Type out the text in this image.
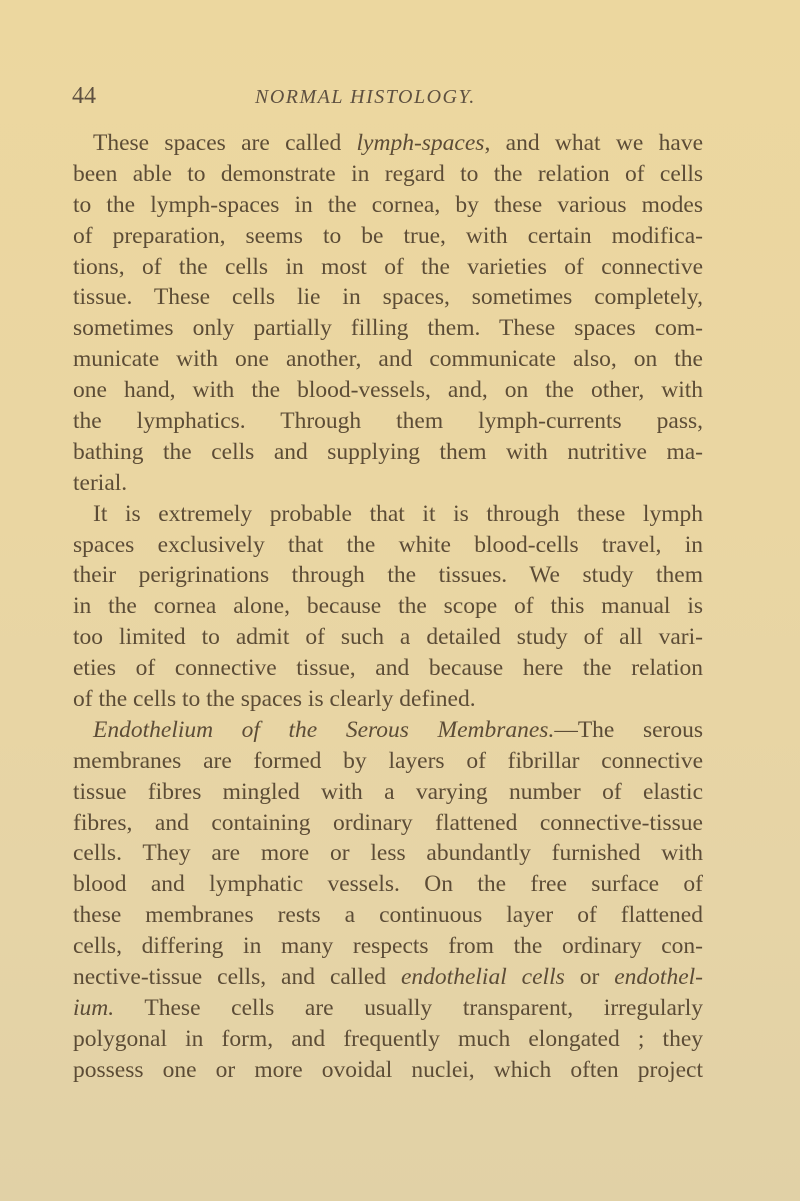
44	NORMAL HISTOLOGY.
These spaces are called lymph-spaces, and what we have
been able to demonstrate in regard to the relation of cells
to the lymph-spaces in the cornea, by these various modes
of preparation, seems to be true, with certain modifica-
tions, of the cells in most of the varieties of connective
tissue. These cells lie in spaces, sometimes completely,
sometimes only partially filling them. These spaces com-
municate with one another, and communicate also, on the
one hand, with the blood-vessels, and, on the other, with
the lymphatics. Through them lymph-currents pass,
bathing the cells and supplying them with nutritive ma-
terial.
It is extremely probable that it is through these lymph
spaces exclusively that the white blood-cells travel, in
their perigrinations through the tissues. We study them
in the cornea alone, because the scope of this manual is
too limited to admit of such a detailed study of all vari-
eties of connective tissue, and because here the relation
of the cells to the spaces is clearly defined.
Endothelium of the Serous Membranes.—The serous
membranes are formed by layers of fibrillar connective
tissue fibres mingled with a varying number of elastic
fibres, and containing ordinary flattened connective-tissue
cells. They are more or less abundantly furnished with
blood and lymphatic vessels. On the free surface of
these membranes rests a continuous layer of flattened
cells, differing in many respects from the ordinary con-
nective-tissue cells, and called endothelial cells or endothel-
ium. These cells are usually transparent, irregularly
polygonal in form, and frequently much elongated ; they
possess one or more ovoidal nuclei, which often project
